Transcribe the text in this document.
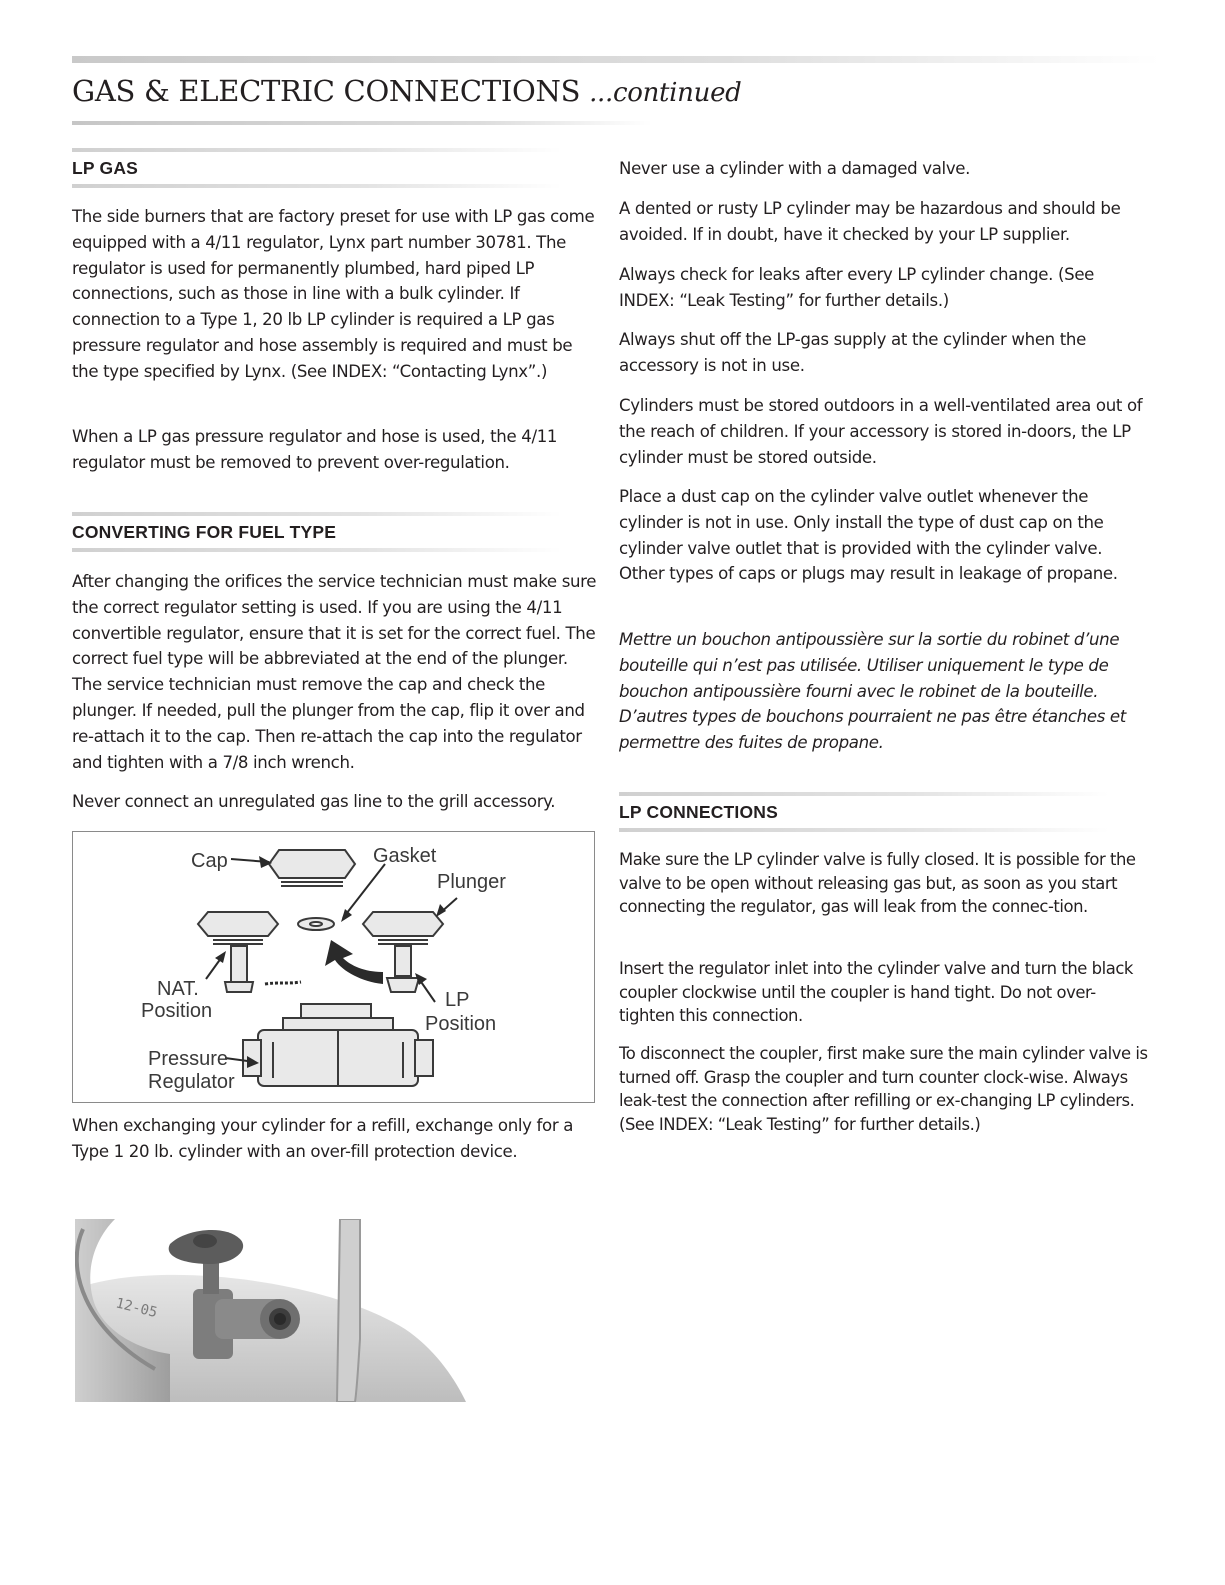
GAS & ELECTRIC CONNECTIONS ...continued
LP GAS

The side burners that are factory preset for use with LP gas come equipped with a 4/11 regulator, Lynx part number 30781. The regulator is used for permanently plumbed, hard piped LP connections, such as those in line with a bulk cylinder. If connection to a Type 1, 20 lb LP cylinder is required a LP gas pressure regulator and hose assembly is required and must be the type specified by Lynx. (See INDEX: “Contacting Lynx”.)

When a LP gas pressure regulator and hose is used, the 4/11 regulator must be removed to prevent over-regulation.

CONVERTING FOR FUEL TYPE

After changing the orifices the service technician must make sure the correct regulator setting is used. If you are using the 4/11 convertible regulator, ensure that it is set for the correct fuel. The correct fuel type will be abbreviated at the end of the plunger. The service technician must remove the cap and check the plunger. If needed, pull the plunger from the cap, flip it over and re-attach it to the cap. Then re-attach the cap into the regulator and tighten with a 7/8 inch wrench.

Never connect an unregulated gas line to the grill accessory.

Cap	Gasket
Plunger
NAT.
Position	LP
Position
Pressure
Regulator

When exchanging your cylinder for a refill, exchange only for a Type 1 20 lb. cylinder with an over-fill protection device.

12-05

Never use a cylinder with a damaged valve.

A dented or rusty LP cylinder may be hazardous and should be avoided. If in doubt, have it checked by your LP supplier.

Always check for leaks after every LP cylinder change. (See INDEX: “Leak Testing” for further details.)

Always shut off the LP-gas supply at the cylinder when the accessory is not in use.

Cylinders must be stored outdoors in a well-ventilated area out of the reach of children. If your accessory is stored in-doors, the LP cylinder must be stored outside.

Place a dust cap on the cylinder valve outlet whenever the cylinder is not in use. Only install the type of dust cap on the cylinder valve outlet that is provided with the cylinder valve. Other types of caps or plugs may result in leakage of propane.

Mettre un bouchon antipoussière sur la sortie du robinet d’une bouteille qui n’est pas utilisée. Utiliser uniquement le type de bouchon antipoussière fourni avec le robinet de la bouteille. D’autres types de bouchons pourraient ne pas être étanches et permettre des fuites de propane.

LP CONNECTIONS

Make sure the LP cylinder valve is fully closed. It is possible for the valve to be open without releasing gas but, as soon as you start connecting the regulator, gas will leak from the connec-tion.

Insert the regulator inlet into the cylinder valve and turn the black coupler clockwise until the coupler is hand tight. Do not over-tighten this connection.

To disconnect the coupler, first make sure the main cylinder valve is turned off. Grasp the coupler and turn counter clock-wise. Always leak-test the connection after refilling or ex-changing LP cylinders. (See INDEX: “Leak Testing” for further details.)
